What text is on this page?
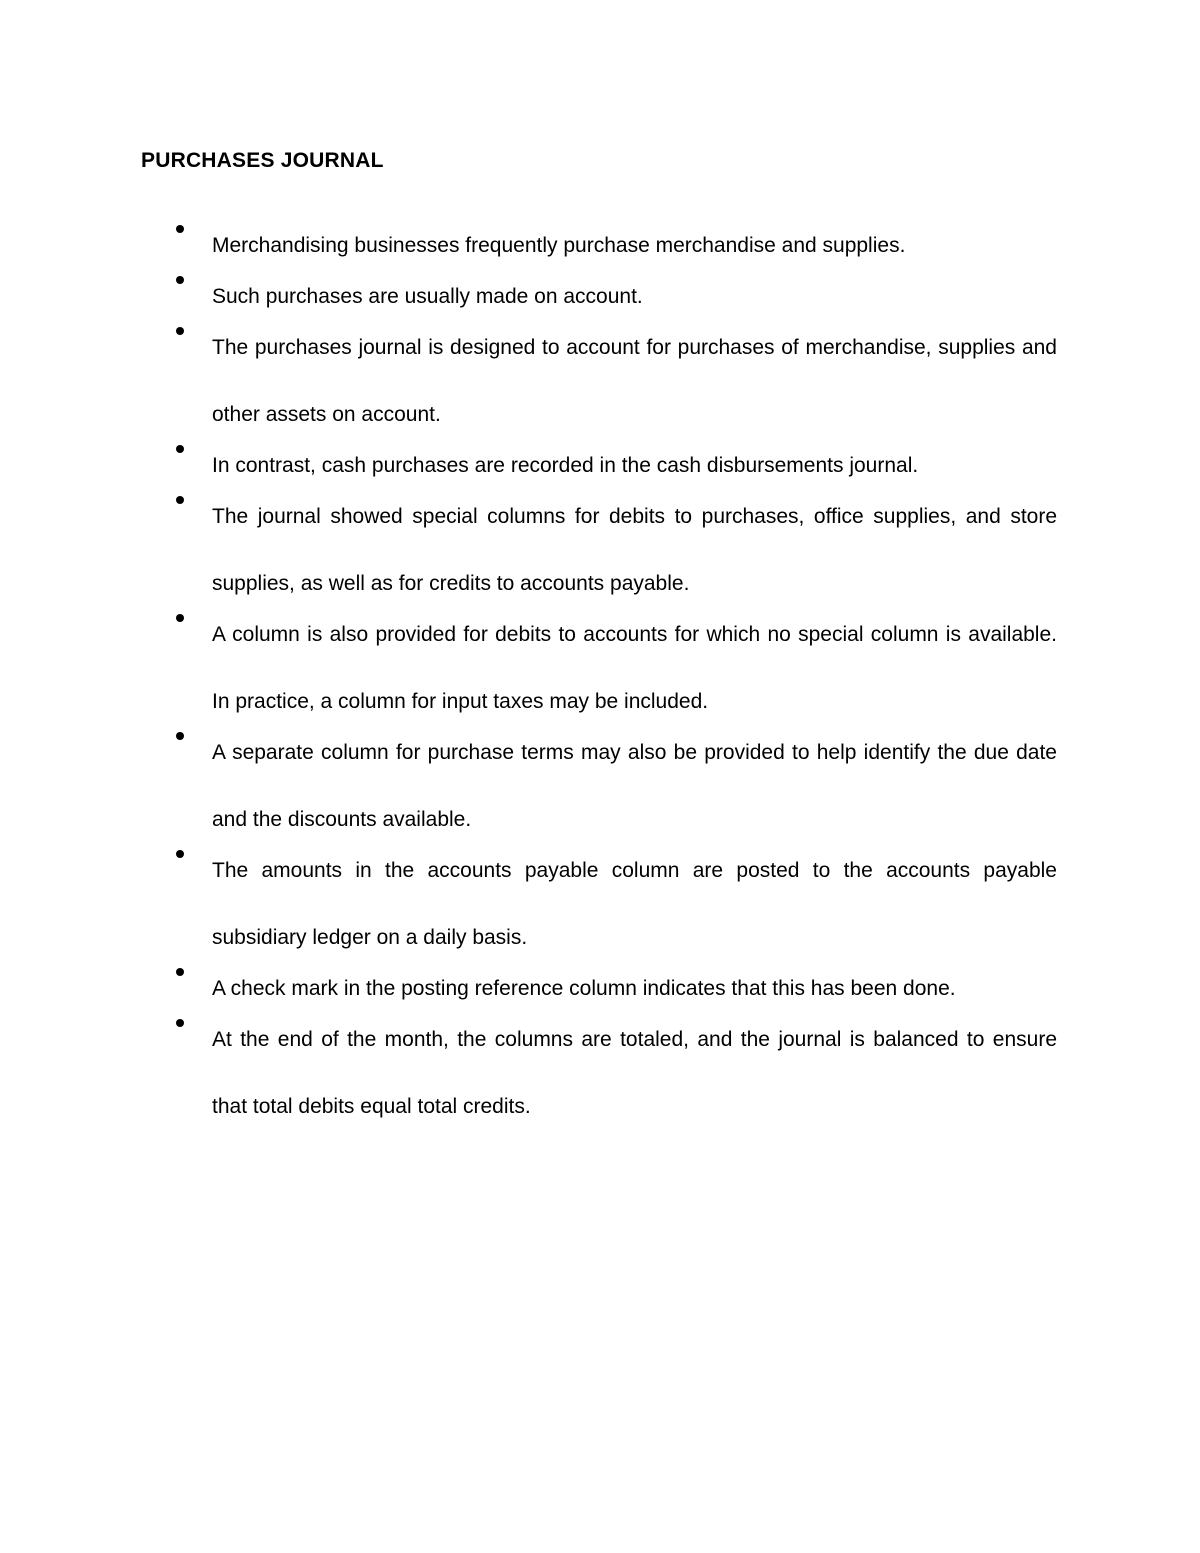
PURCHASES JOURNAL
Merchandising businesses frequently purchase merchandise and supplies.
Such purchases are usually made on account.
The purchases journal is designed to account for purchases of merchandise, supplies and other assets on account.
In contrast, cash purchases are recorded in the cash disbursements journal.
The journal showed special columns for debits to purchases, office supplies, and store supplies, as well as for credits to accounts payable.
A column is also provided for debits to accounts for which no special column is available. In practice, a column for input taxes may be included.
A separate column for purchase terms may also be provided to help identify the due date and the discounts available.
The amounts in the accounts payable column are posted to the accounts payable subsidiary ledger on a daily basis.
A check mark in the posting reference column indicates that this has been done.
At the end of the month, the columns are totaled, and the journal is balanced to ensure that total debits equal total credits.
